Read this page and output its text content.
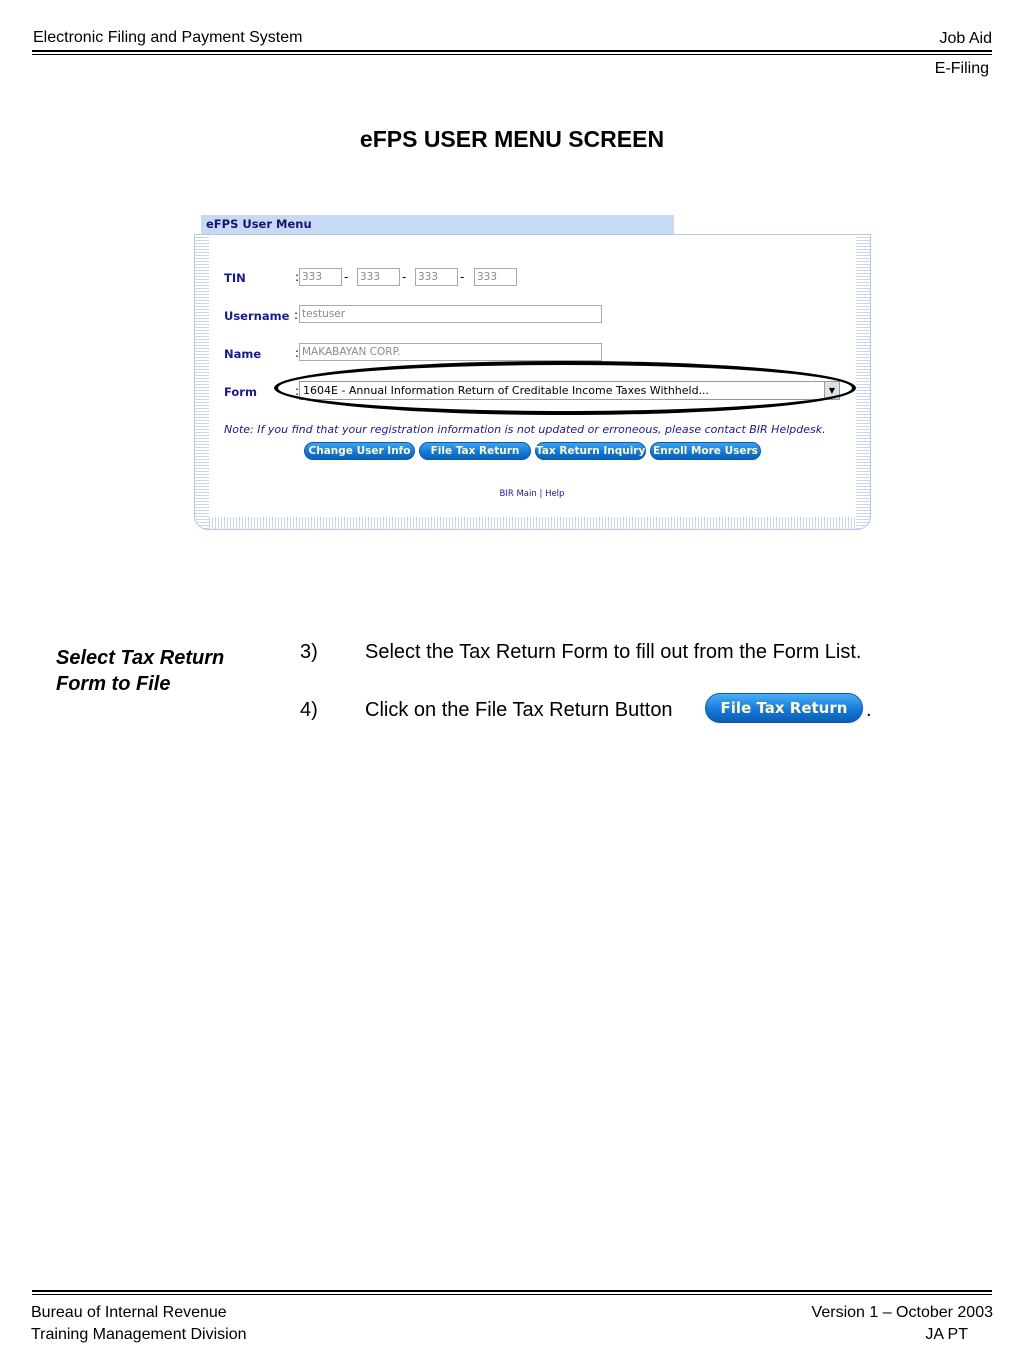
Electronic Filing and Payment System	Job Aid
E-Filing
eFPS USER MENU SCREEN
eFPS User Menu
TIN	: 333	- 333	- 333	- 333
Username : testuser
Name	: MAKABAYAN CORP.
Form	: 1604E - Annual Information Return of Creditable Income Taxes Withheld...	▼
Note: If you find that your registration information is not updated or erroneous, please contact BIR Helpdesk.
Change User Info	File Tax Return	Tax Return Inquiry Enroll More Users
BIR Main | Help
Select Tax Return Form to File
3) Select the Tax Return Form to fill out from the Form List.
4) Click on the File Tax Return Button	File Tax Return .
Bureau of Internal Revenue
Training Management Division
Version 1 – October 2003
JA PT
